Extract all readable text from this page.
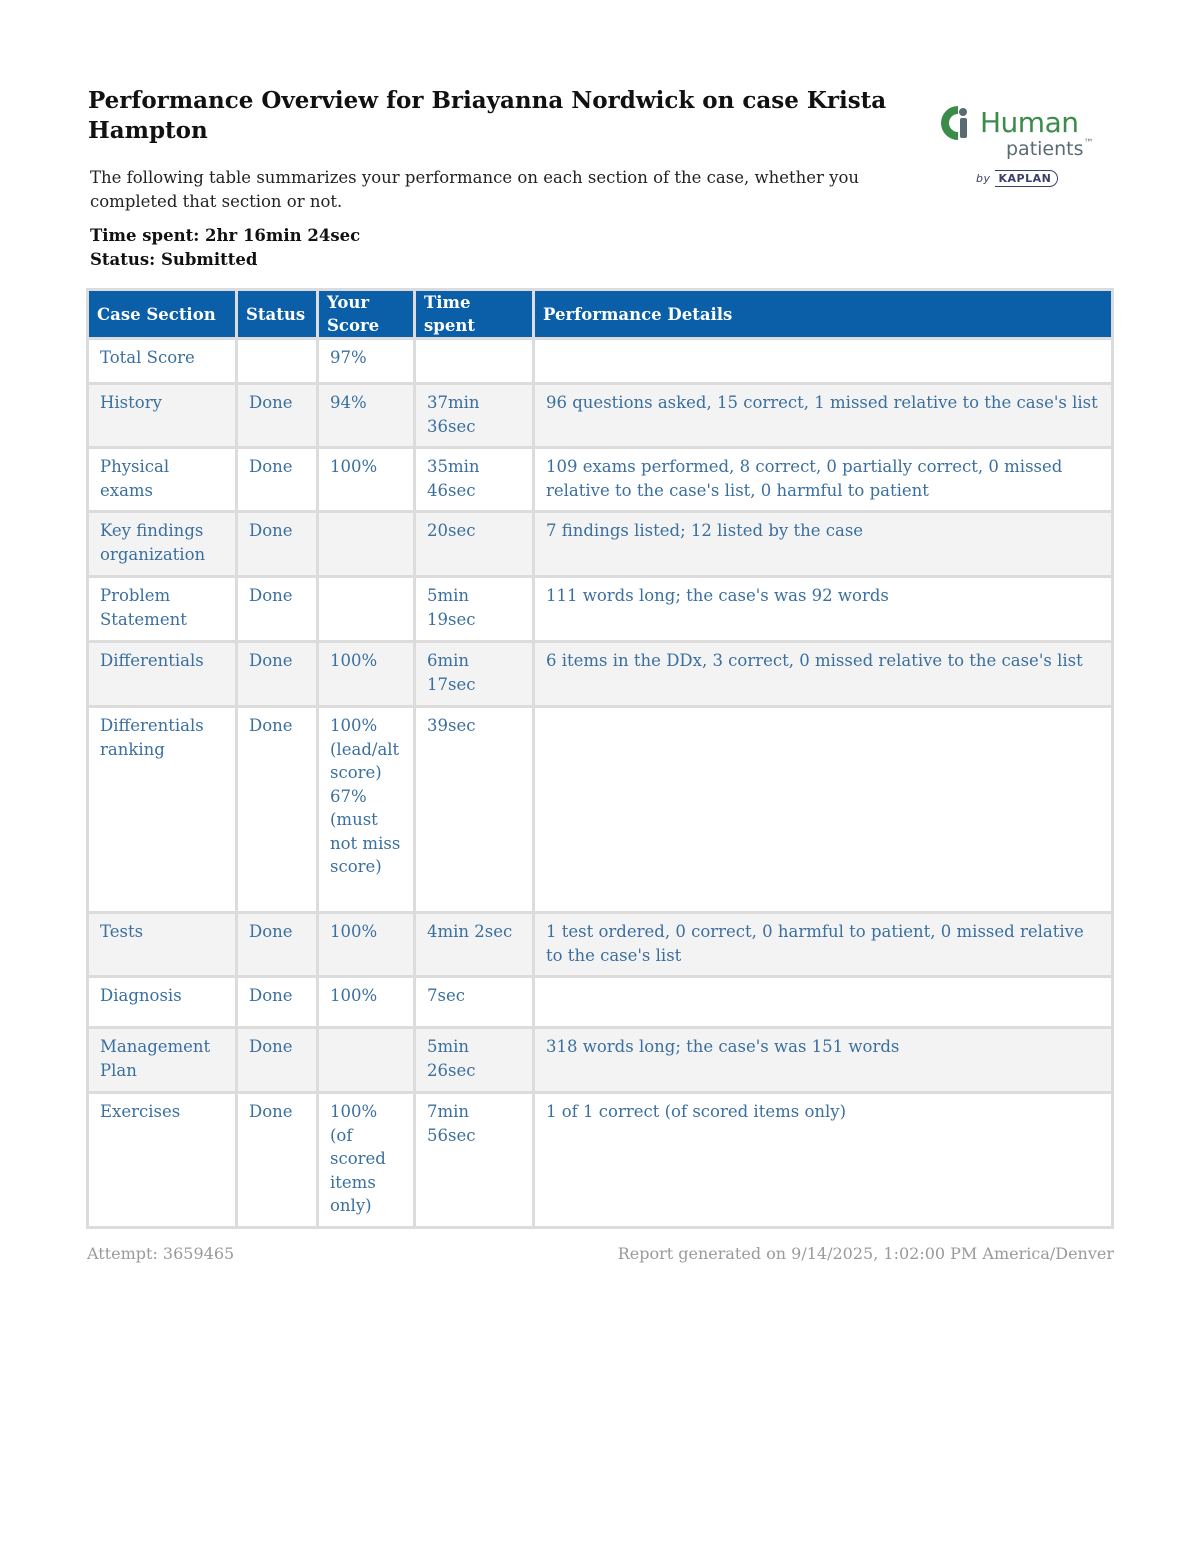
Performance Overview for Briayanna Nordwick on case Krista Hampton

The following table summarizes your performance on each section of the case, whether you completed that section or not.

Time spent: 2hr 16min 24sec
Status: Submitted
Human
patients™
by KAPLAN
Case Section	Status	Your Score	Time spent	Performance Details
Total Score		97%		
History	Done	94%	37min 36sec	96 questions asked, 15 correct, 1 missed relative to the case's list
Physical exams	Done	100%	35min 46sec	109 exams performed, 8 correct, 0 partially correct, 0 missed relative to the case's list, 0 harmful to patient
Key findings organization	Done		20sec	7 findings listed; 12 listed by the case
Problem Statement	Done		5min 19sec	111 words long; the case's was 92 words
Differentials	Done	100%	6min 17sec	6 items in the DDx, 3 correct, 0 missed relative to the case's list
Differentials ranking	Done	100% (lead/alt score) 67% (must not miss score)	39sec	
Tests	Done	100%	4min 2sec	1 test ordered, 0 correct, 0 harmful to patient, 0 missed relative to the case's list
Diagnosis	Done	100%	7sec	
Management Plan	Done		5min 26sec	318 words long; the case's was 151 words
Exercises	Done	100% (of scored items only)	7min 56sec	1 of 1 correct (of scored items only)
Attempt: 3659465	Report generated on 9/14/2025, 1:02:00 PM America/Denver
